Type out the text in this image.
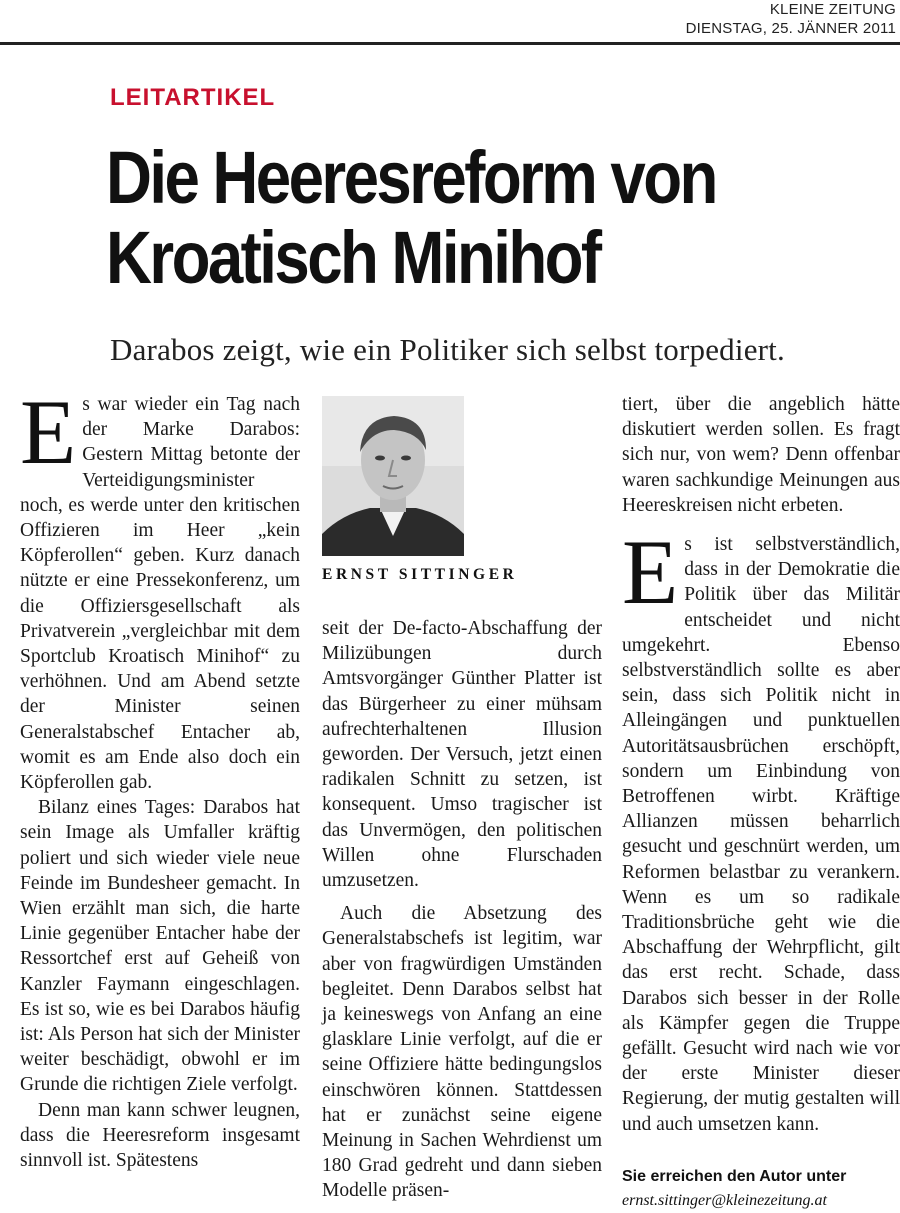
KLEINE ZEITUNG
DIENSTAG, 25. JÄNNER 2011
LEITARTIKEL
Die Heeresreform von
Kroatisch Minihof
Darabos zeigt, wie ein Politiker sich selbst torpediert.

Es war wieder ein Tag nach der Marke Darabos: Gestern Mittag betonte der Verteidigungsminister noch, es werde unter den kritischen Offizieren im Heer „kein Köpferollen“ geben. Kurz danach nützte er eine Pressekonferenz, um die Offiziersgesellschaft als Privatverein „vergleichbar mit dem Sportclub Kroatisch Minihof“ zu verhöhnen. Und am Abend setzte der Minister seinen Generalstabschef Entacher ab, womit es am Ende also doch ein Köpferollen gab.

Bilanz eines Tages: Darabos hat sein Image als Umfaller kräftig poliert und sich wieder viele neue Feinde im Bundesheer gemacht. In Wien erzählt man sich, die harte Linie gegenüber Entacher habe der Ressortchef erst auf Geheiß von Kanzler Faymann eingeschlagen. Es ist so, wie es bei Darabos häufig ist: Als Person hat sich der Minister weiter beschädigt, obwohl er im Grunde die richtigen Ziele verfolgt.

Denn man kann schwer leugnen, dass die Heeresreform insgesamt sinnvoll ist. Spätestens

ERNST SITTINGER

seit der De-facto-Abschaffung der Milizübungen durch Amtsvorgänger Günther Platter ist das Bürgerheer zu einer mühsam aufrechterhaltenen Illusion geworden. Der Versuch, jetzt einen radikalen Schnitt zu setzen, ist konsequent. Umso tragischer ist das Unvermögen, den politischen Willen ohne Flurschaden umzusetzen.

Auch die Absetzung des Generalstabschefs ist legitim, war aber von fragwürdigen Umständen begleitet. Denn Darabos selbst hat ja keineswegs von Anfang an eine glasklare Linie verfolgt, auf die er seine Offiziere hätte bedingungslos einschwören können. Stattdessen hat er zunächst seine eigene Meinung in Sachen Wehrdienst um 180 Grad gedreht und dann sieben Modelle präsen-

tiert, über die angeblich hätte diskutiert werden sollen. Es fragt sich nur, von wem? Denn offenbar waren sachkundige Meinungen aus Heereskreisen nicht erbeten.

Es ist selbstverständlich, dass in der Demokratie die Politik über das Militär entscheidet und nicht umgekehrt. Ebenso selbstverständlich sollte es aber sein, dass sich Politik nicht in Alleingängen und punktuellen Autoritätsausbrüchen erschöpft, sondern um Einbindung von Betroffenen wirbt. Kräftige Allianzen müssen beharrlich gesucht und geschnürt werden, um Reformen belastbar zu verankern. Wenn es um so radikale Traditionsbrüche geht wie die Abschaffung der Wehrpflicht, gilt das erst recht. Schade, dass Darabos sich besser in der Rolle als Kämpfer gegen die Truppe gefällt. Gesucht wird nach wie vor der erste Minister dieser Regierung, der mutig gestalten will und auch umsetzen kann.

Sie erreichen den Autor unter
ernst.sittinger@kleinezeitung.at
